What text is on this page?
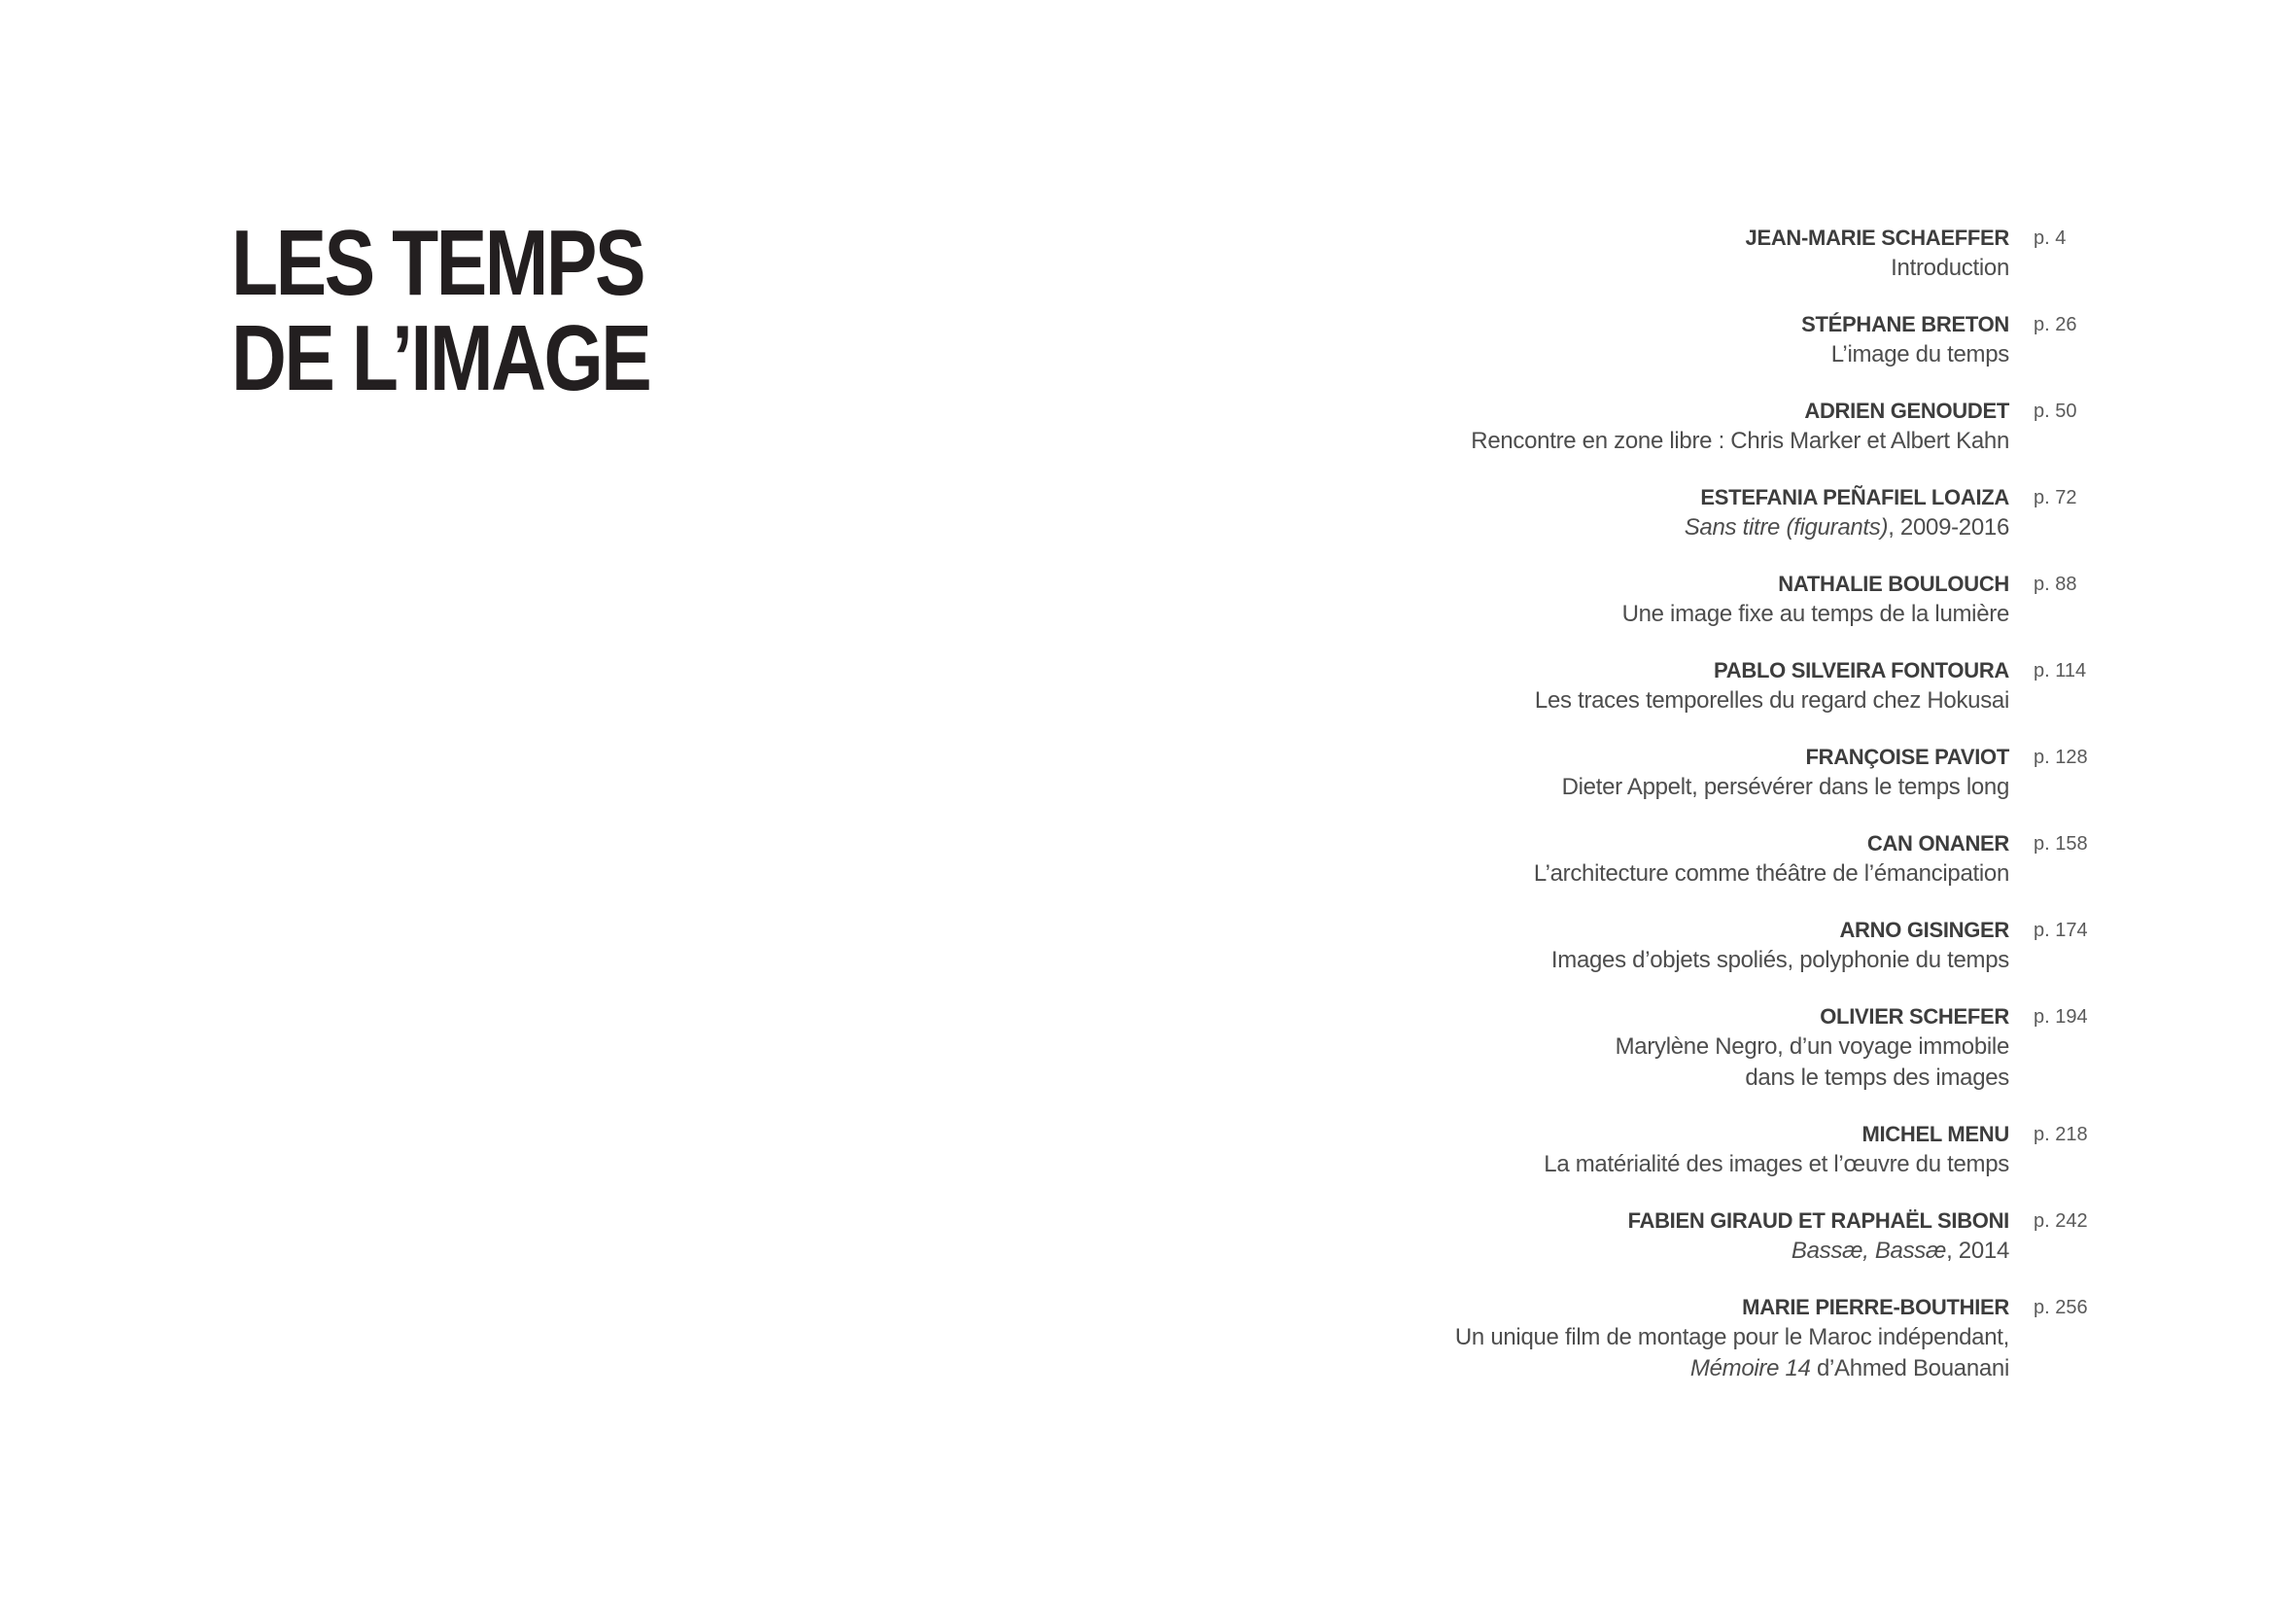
LES TEMPS
DE L’IMAGE
JEAN-MARIE SCHAEFFER
Introduction
p. 4
STÉPHANE BRETON
L’image du temps
p. 26
ADRIEN GENOUDET
Rencontre en zone libre : Chris Marker et Albert Kahn
p. 50
ESTEFANIA PEÑAFIEL LOAIZA
Sans titre (figurants), 2009-2016
p. 72
NATHALIE BOULOUCH
Une image fixe au temps de la lumière
p. 88
PABLO SILVEIRA FONTOURA
Les traces temporelles du regard chez Hokusai
p. 114
FRANÇOISE PAVIOT
Dieter Appelt, persévérer dans le temps long
p. 128
CAN ONANER
L’architecture comme théâtre de l’émancipation
p. 158
ARNO GISINGER
Images d’objets spoliés, polyphonie du temps
p. 174
OLIVIER SCHEFER
Marylène Negro, d’un voyage immobile
dans le temps des images
p. 194
MICHEL MENU
La matérialité des images et l’œuvre du temps
p. 218
FABIEN GIRAUD ET RAPHAËL SIBONI
Bassæ, Bassæ, 2014
p. 242
MARIE PIERRE-BOUTHIER
Un unique film de montage pour le Maroc indépendant,
Mémoire 14 d’Ahmed Bouanani
p. 256
